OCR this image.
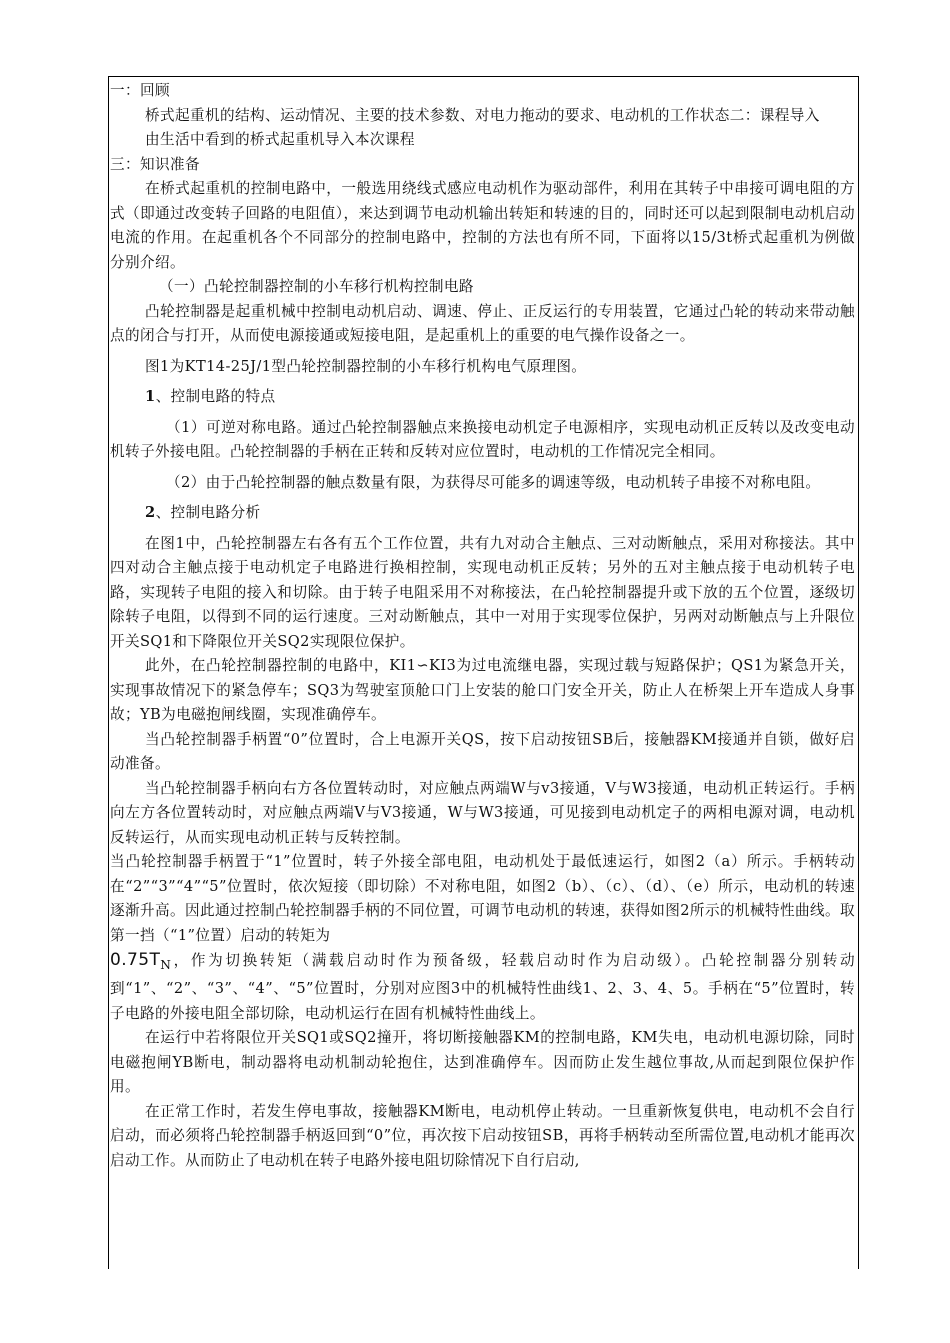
一：回顾

桥式起重机的结构、运动情况、主要的技术参数、对电力拖动的要求、电动机的工作状态二：课程导入

由生活中看到的桥式起重机导入本次课程

三：知识准备

在桥式起重机的控制电路中，一般选用绕线式感应电动机作为驱动部件，利用在其转子中串接可调电阻的方式（即通过改变转子回路的电阻值），来达到调节电动机输出转矩和转速的目的，同时还可以起到限制电动机启动电流的作用。在起重机各个不同部分的控制电路中，控制的方法也有所不同，下面将以15/3t桥式起重机为例做分别介绍。

（一）凸轮控制器控制的小车移行机构控制电路

凸轮控制器是起重机械中控制电动机启动、调速、停止、正反运行的专用装置，它通过凸轮的转动来带动触点的闭合与打开，从而使电源接通或短接电阻，是起重机上的重要的电气操作设备之一。

图1为KT14-25J/1型凸轮控制器控制的小车移行机构电气原理图。

1、控制电路的特点

（1）可逆对称电路。通过凸轮控制器触点来换接电动机定子电源相序，实现电动机正反转以及改变电动机转子外接电阻。凸轮控制器的手柄在正转和反转对应位置时，电动机的工作情况完全相同。

（2）由于凸轮控制器的触点数量有限，为获得尽可能多的调速等级，电动机转子串接不对称电阻。

2、控制电路分析

在图1中，凸轮控制器左右各有五个工作位置，共有九对动合主触点、三对动断触点，采用对称接法。其中四对动合主触点接于电动机定子电路进行换相控制，实现电动机正反转；另外的五对主触点接于电动机转子电路，实现转子电阻的接入和切除。由于转子电阻采用不对称接法，在凸轮控制器提升或下放的五个位置，逐级切除转子电阻，以得到不同的运行速度。三对动断触点，其中一对用于实现零位保护，另两对动断触点与上升限位开关SQ1和下降限位开关SQ2实现限位保护。

此外，在凸轮控制器控制的电路中，KI1∽KI3为过电流继电器，实现过载与短路保护；QS1为紧急开关，实现事故情况下的紧急停车；SQ3为驾驶室顶舱口门上安装的舱口门安全开关，防止人在桥架上开车造成人身事故；YB为电磁抱闸线圈，实现准确停车。

当凸轮控制器手柄置“0”位置时，合上电源开关QS，按下启动按钮SB后，接触器KM接通并自锁，做好启动准备。

当凸轮控制器手柄向右方各位置转动时，对应触点两端W与v3接通，V与W3接通，电动机正转运行。手柄向左方各位置转动时，对应触点两端V与V3接通，W与W3接通，可见接到电动机定子的两相电源对调，电动机反转运行，从而实现电动机正转与反转控制。

当凸轮控制器手柄置于“1”位置时，转子外接全部电阻，电动机处于最低速运行，如图2（a）所示。手柄转动在“2”“3”“4”“5”位置时，依次短接（即切除）不对称电阻，如图2（b）、（c）、（d）、（e）所示，电动机的转速逐渐升高。因此通过控制凸轮控制器手柄的不同位置，可调节电动机的转速，获得如图2所示的机械特性曲线。取第一挡（“1”位置）启动的转矩为
$0.75T_N$，作为切换转矩（满载启动时作为预备级，轻载启动时作为启动级）。凸轮控制器分别转动到“1”、“2”、“3”、“4”、“5”位置时，分别对应图3中的机械特性曲线1、2、3、4、5。手柄在“5”位置时，转子电路的外接电阻全部切除，电动机运行在固有机械特性曲线上。

在运行中若将限位开关SQ1或SQ2撞开，将切断接触器KM的控制电路，KM失电，电动机电源切除，同时电磁抱闸YB断电，制动器将电动机制动轮抱住，达到准确停车。因而防止发生越位事故,从而起到限位保护作用。

在正常工作时，若发生停电事故，接触器KM断电，电动机停止转动。一旦重新恢复供电，电动机不会自行启动，而必须将凸轮控制器手柄返回到“0”位，再次按下启动按钮SB，再将手柄转动至所需位置,电动机才能再次启动工作。从而防止了电动机在转子电路外接电阻切除情况下自行启动,
